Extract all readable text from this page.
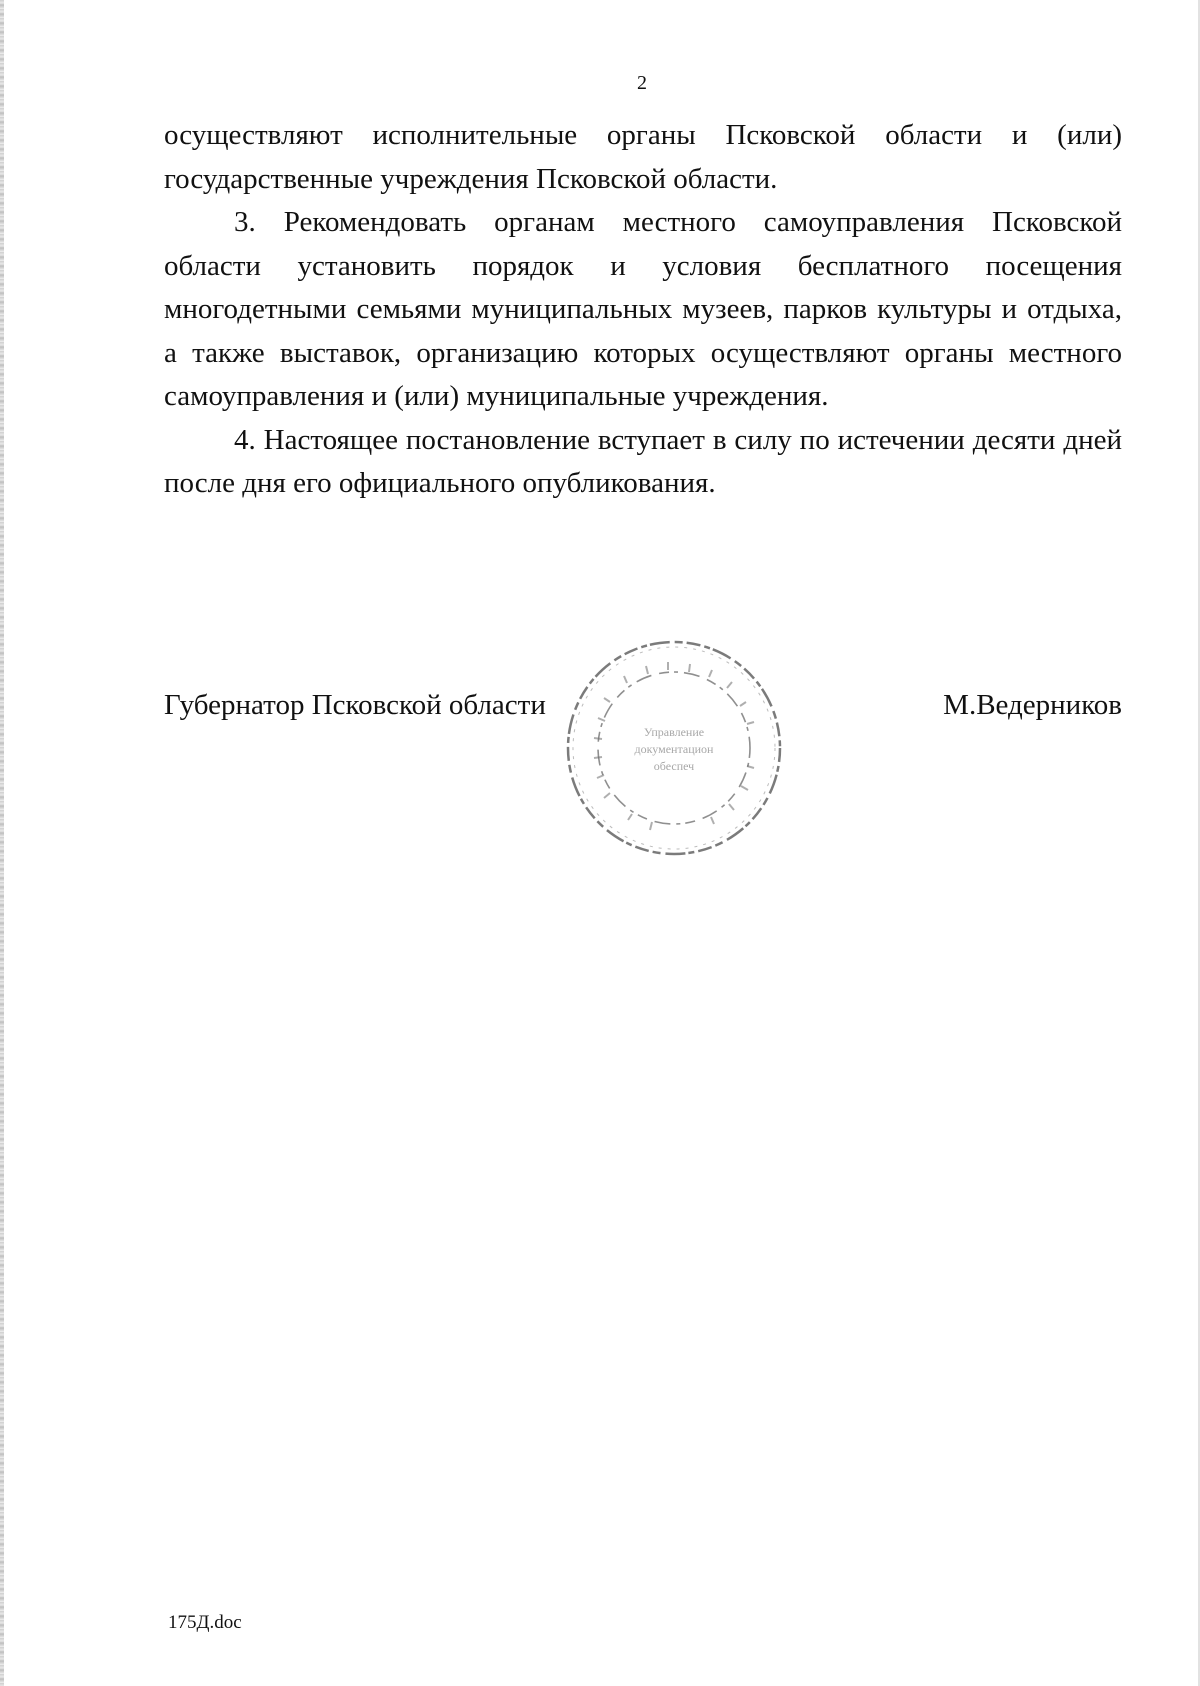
2

осуществляют исполнительные органы Псковской области и (или) государственные учреждения Псковской области.

3. Рекомендовать органам местного самоуправления Псковской области установить порядок и условия бесплатного посещения многодетными семьями муниципальных музеев, парков культуры и отдыха, а также выставок, организацию которых осуществляют органы местного самоуправления и (или) муниципальные учреждения.

4. Настоящее постановление вступает в силу по истечении десяти дней после дня его официального опубликования.

Губернатор Псковской области	М.Ведерников
Управление
документацион
обеспеч
175Д.doc
